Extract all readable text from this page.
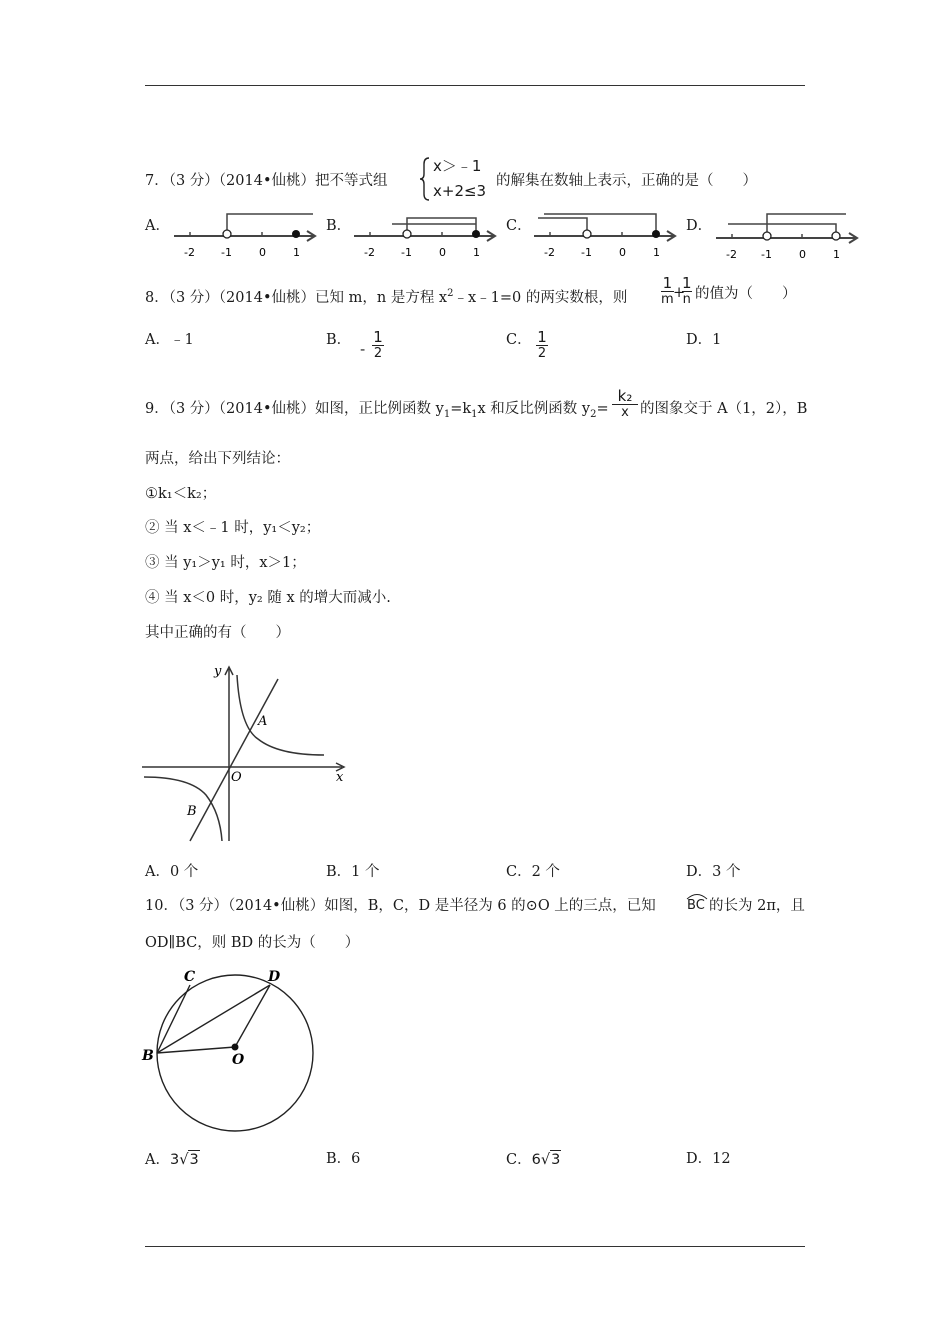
7．（3 分）（2014•仙桃）把不等式组
x＞﹣1
x+2≤3
的解集在数轴上表示，正确的是（　　）
A．
-2 -1 0 1
B．
-2 -1 0 1
C．
-2 -1 0 1
D．
-2 -1 0 1
8．（3 分）（2014•仙桃）已知 m，n 是方程 $x^2﹣x﹣1=0$ 的两实数根，则 $\frac{1}{m}$ +
$\frac{1}{n}$ 的值为（　　）
A．﹣1	B．
- $\frac{1}{2}$	C． $\frac{1}{2}$	D．1
9．（3 分）（2014•仙桃）如图，正比例函数 $y_1=k_1x$ 和反比例函数 $y_2= \frac{\text{k₂}}{x}$ 的图象交于 A（1，2），B
两点，给出下列结论：
①k₁＜k₂；
② 当 x＜﹣1 时，y₁＜y₂；
③ 当 y₁＞y₁ 时，x＞1；
④ 当 x＜0 时，y₂ 随 x 的增大而减小.
其中正确的有（　　）
y
x
O
A
B
A．0 个	B．1 个	C．2 个	D．3 个
10．（3 分）（2014•仙桃）如图，B，C，D 是半径为 6 的⊙O 上的三点，已知 BC 的长为 2π，且
OD∥BC，则 BD 的长为（　　）
C	D
B	O
A．3√3	B．6	C．6√3	D．12
